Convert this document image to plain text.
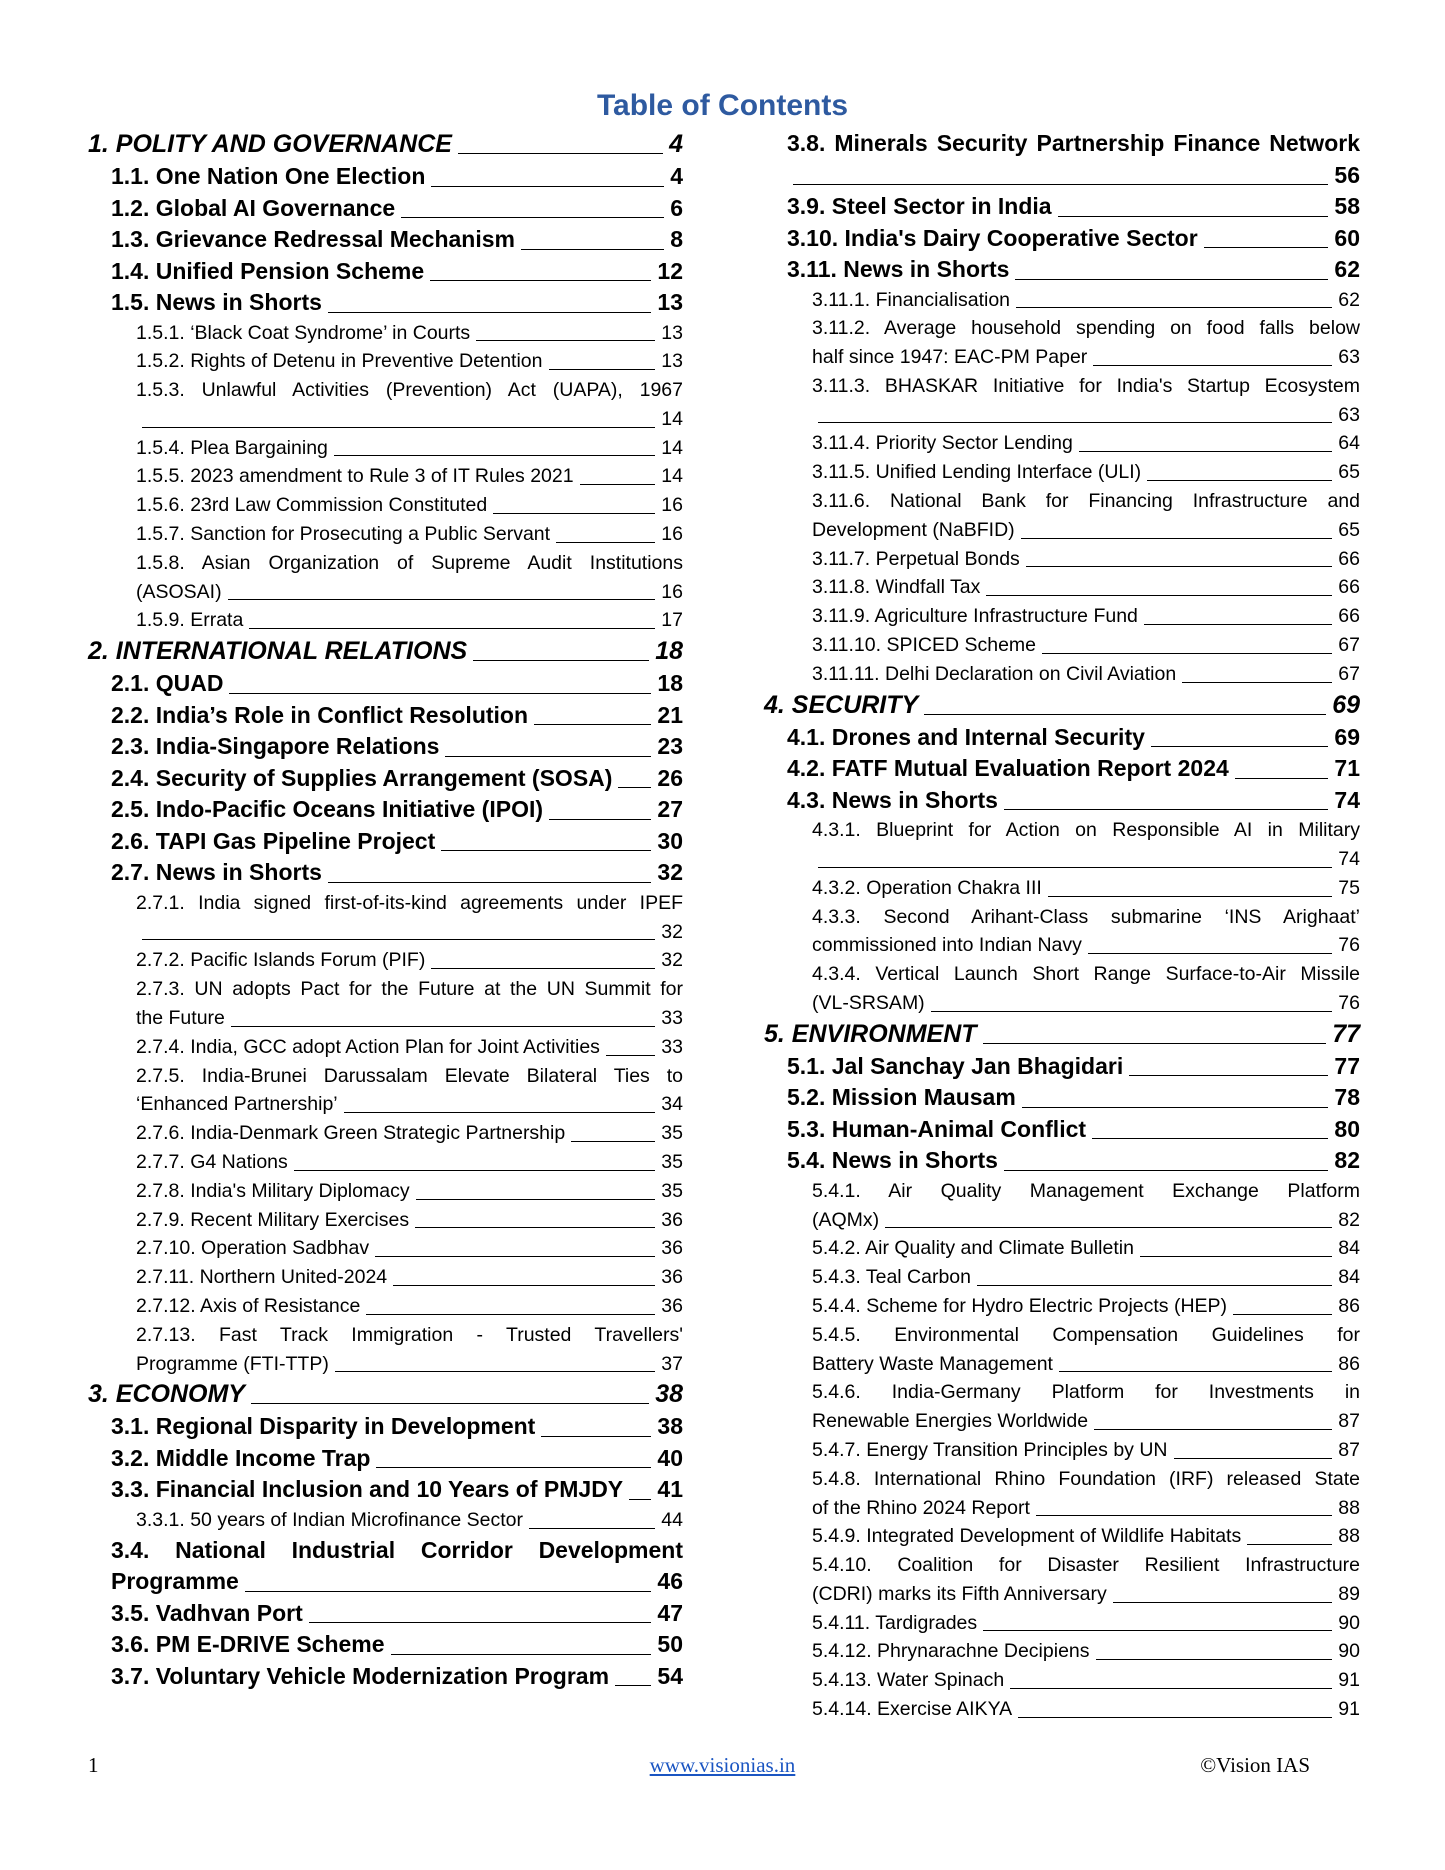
Table of Contents
1. POLITY AND GOVERNANCE	4
1.1. One Nation One Election	4
1.2. Global AI Governance	6
1.3. Grievance Redressal Mechanism	8
1.4. Unified Pension Scheme	12
1.5. News in Shorts	13
1.5.1. ‘Black Coat Syndrome’ in Courts	13
1.5.2. Rights of Detenu in Preventive Detention	13
1.5.3. Unlawful Activities (Prevention) Act (UAPA), 1967
14
1.5.4. Plea Bargaining	14
1.5.5. 2023 amendment to Rule 3 of IT Rules 2021	14
1.5.6. 23rd Law Commission Constituted	16
1.5.7. Sanction for Prosecuting a Public Servant	16
1.5.8. Asian Organization of Supreme Audit Institutions
(ASOSAI)	16
1.5.9. Errata	17
2. INTERNATIONAL RELATIONS	18
2.1. QUAD	18
2.2. India’s Role in Conflict Resolution	21
2.3. India-Singapore Relations	23
2.4. Security of Supplies Arrangement (SOSA) 26
2.5. Indo-Pacific Oceans Initiative (IPOI)	27
2.6. TAPI Gas Pipeline Project	30
2.7. News in Shorts	32
2.7.1. India signed first-of-its-kind agreements under IPEF
32
2.7.2. Pacific Islands Forum (PIF)	32
2.7.3. UN adopts Pact for the Future at the UN Summit for
the Future	33
2.7.4. India, GCC adopt Action Plan for Joint Activities	33
2.7.5. India-Brunei Darussalam Elevate Bilateral Ties to
‘Enhanced Partnership’	34
2.7.6. India-Denmark Green Strategic Partnership	35
2.7.7. G4 Nations	35
2.7.8. India's Military Diplomacy	35
2.7.9. Recent Military Exercises	36
2.7.10. Operation Sadbhav	36
2.7.11. Northern United-2024	36
2.7.12. Axis of Resistance	36
2.7.13. Fast Track Immigration - Trusted Travellers'
Programme (FTI-TTP)	37
3. ECONOMY	38
3.1. Regional Disparity in Development	38
3.2. Middle Income Trap	40
3.3. Financial Inclusion and 10 Years of PMJDY 41
3.3.1. 50 years of Indian Microfinance Sector	44
3.4. National Industrial Corridor Development
Programme	46
3.5. Vadhvan Port	47
3.6. PM E-DRIVE Scheme	50
3.7. Voluntary Vehicle Modernization Program 54
3.8. Minerals Security Partnership Finance Network
56
3.9. Steel Sector in India	58
3.10. India's Dairy Cooperative Sector	60
3.11. News in Shorts	62
3.11.1. Financialisation	62
3.11.2. Average household spending on food falls below
half since 1947: EAC-PM Paper	63
3.11.3. BHASKAR Initiative for India's Startup Ecosystem
63
3.11.4. Priority Sector Lending	64
3.11.5. Unified Lending Interface (ULI)	65
3.11.6. National Bank for Financing Infrastructure and
Development (NaBFID)	65
3.11.7. Perpetual Bonds	66
3.11.8. Windfall Tax	66
3.11.9. Agriculture Infrastructure Fund	66
3.11.10. SPICED Scheme	67
3.11.11. Delhi Declaration on Civil Aviation	67
4. SECURITY	69
4.1. Drones and Internal Security	69
4.2. FATF Mutual Evaluation Report 2024	71
4.3. News in Shorts	74
4.3.1. Blueprint for Action on Responsible AI in Military
74
4.3.2. Operation Chakra III	75
4.3.3. Second Arihant-Class submarine ‘INS Arighaat’
commissioned into Indian Navy	76
4.3.4. Vertical Launch Short Range Surface-to-Air Missile
(VL-SRSAM)	76
5. ENVIRONMENT	77
5.1. Jal Sanchay Jan Bhagidari	77
5.2. Mission Mausam	78
5.3. Human-Animal Conflict	80
5.4. News in Shorts	82
5.4.1. Air Quality Management Exchange Platform
(AQMx)	82
5.4.2. Air Quality and Climate Bulletin	84
5.4.3. Teal Carbon	84
5.4.4. Scheme for Hydro Electric Projects (HEP)	86
5.4.5. Environmental Compensation Guidelines for
Battery Waste Management	86
5.4.6. India-Germany Platform for Investments in
Renewable Energies Worldwide	87
5.4.7. Energy Transition Principles by UN	87
5.4.8. International Rhino Foundation (IRF) released State
of the Rhino 2024 Report	88
5.4.9. Integrated Development of Wildlife Habitats	88
5.4.10. Coalition for Disaster Resilient Infrastructure
(CDRI) marks its Fifth Anniversary	89
5.4.11. Tardigrades	90
5.4.12. Phrynarachne Decipiens	90
5.4.13. Water Spinach	91
5.4.14. Exercise AIKYA	91
1	www.visionias.in	©Vision IAS
